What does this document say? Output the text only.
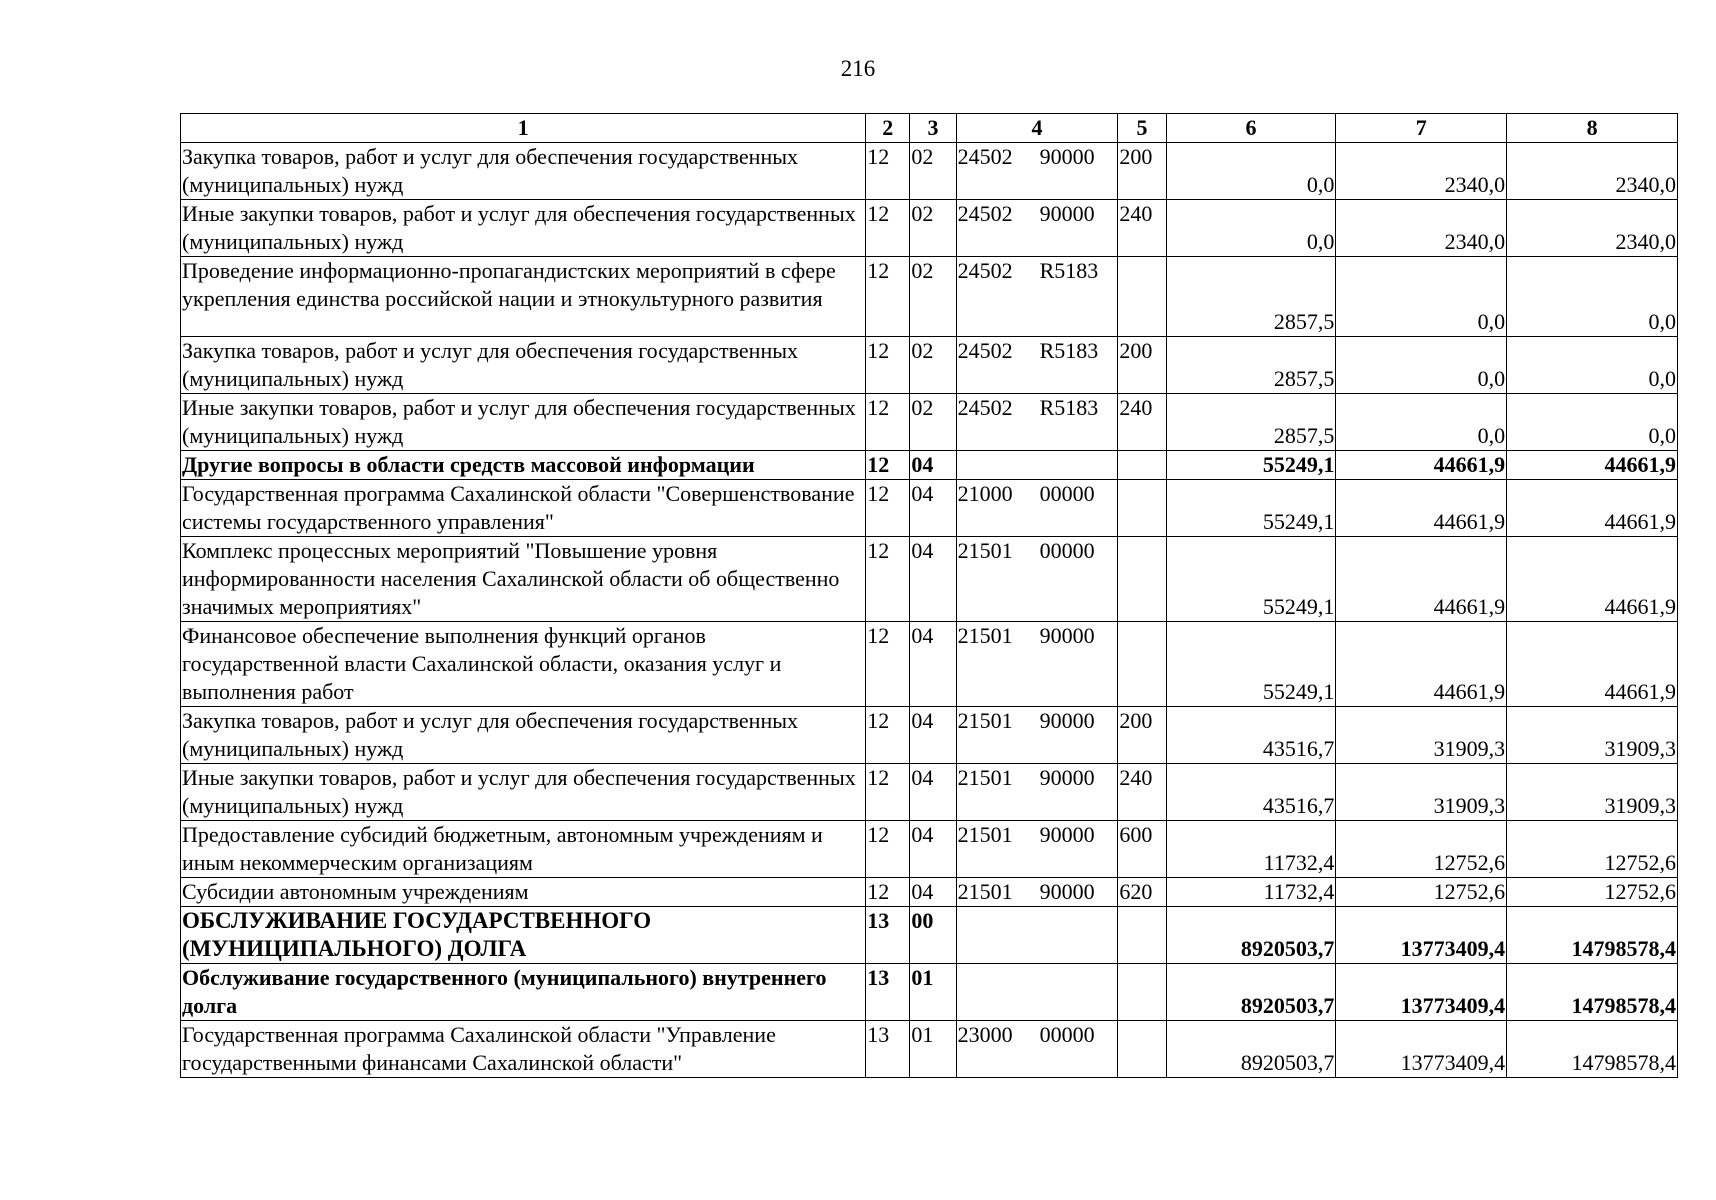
216
1	2	3	4	5	6	7	8
Закупка товаров, работ и услуг для обеспечения государственных (муниципальных) нужд	12	02	24502 90000	200	0,0	2340,0	2340,0
Иные закупки товаров, работ и услуг для обеспечения государственных (муниципальных) нужд	12	02	24502 90000	240	0,0	2340,0	2340,0
Проведение информационно-пропагандистских мероприятий в сфере укрепления единства российской нации и этнокультурного развития	12	02	24502 R5183		2857,5	0,0	0,0
Закупка товаров, работ и услуг для обеспечения государственных (муниципальных) нужд	12	02	24502 R5183	200	2857,5	0,0	0,0
Иные закупки товаров, работ и услуг для обеспечения государственных (муниципальных) нужд	12	02	24502 R5183	240	2857,5	0,0	0,0
Другие вопросы в области средств массовой информации	12	04			55249,1	44661,9	44661,9
Государственная программа Сахалинской области "Совершенствование системы государственного управления"	12	04	21000 00000		55249,1	44661,9	44661,9
Комплекс процессных мероприятий "Повышение уровня информированности населения Сахалинской области об общественно значимых мероприятиях"	12	04	21501 00000		55249,1	44661,9	44661,9
Финансовое обеспечение выполнения функций органов государственной власти Сахалинской области, оказания услуг и выполнения работ	12	04	21501 90000		55249,1	44661,9	44661,9
Закупка товаров, работ и услуг для обеспечения государственных (муниципальных) нужд	12	04	21501 90000	200	43516,7	31909,3	31909,3
Иные закупки товаров, работ и услуг для обеспечения государственных (муниципальных) нужд	12	04	21501 90000	240	43516,7	31909,3	31909,3
Предоставление субсидий бюджетным, автономным учреждениям и иным некоммерческим организациям	12	04	21501 90000	600	11732,4	12752,6	12752,6
Субсидии автономным учреждениям	12	04	21501 90000	620	11732,4	12752,6	12752,6
ОБСЛУЖИВАНИЕ ГОСУДАРСТВЕННОГО (МУНИЦИПАЛЬНОГО) ДОЛГА	13	00			8920503,7	13773409,4	14798578,4
Обслуживание государственного (муниципального) внутреннего долга	13	01			8920503,7	13773409,4	14798578,4
Государственная программа Сахалинской области "Управление государственными финансами Сахалинской области"	13	01	23000 00000		8920503,7	13773409,4	14798578,4
